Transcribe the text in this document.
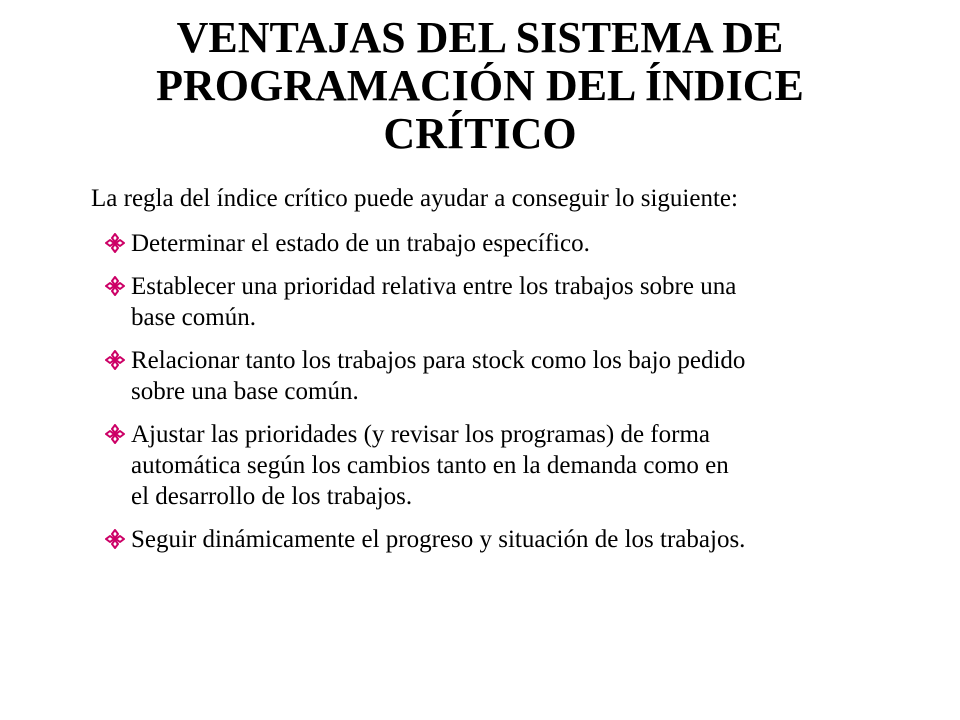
VENTAJAS DEL SISTEMA DE
PROGRAMACIÓN DEL ÍNDICE
CRÍTICO

La regla del índice crítico puede ayudar a conseguir lo siguiente:

Determinar el estado de un trabajo específico.
Establecer una prioridad relativa entre los trabajos sobre una
base común.
Relacionar tanto los trabajos para stock como los bajo pedido
sobre una base común.
Ajustar las prioridades (y revisar los programas) de forma
automática según los cambios tanto en la demanda como en
el desarrollo de los trabajos.
Seguir dinámicamente el progreso y situación de los trabajos.
